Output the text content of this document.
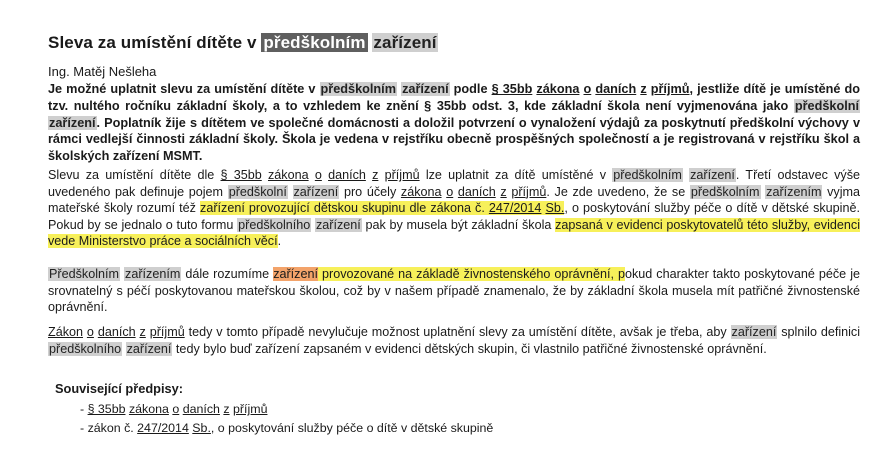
Sleva za umístění dítěte v předškolním zařízení

Ing. Matěj Nešleha

Je možné uplatnit slevu za umístění dítěte v předškolním zařízení podle § 35bb zákona o daních z příjmů, jestliže dítě je umístěné do tzv. nultého ročníku základní školy, a to vzhledem ke znění § 35bb odst. 3, kde základní škola není vyjmenována jako předškolní zařízení. Poplatník žije s dítětem ve společné domácnosti a doložil potvrzení o vynaložení výdajů za poskytnutí předškolní výchovy v rámci vedlejší činnosti základní školy. Škola je vedena v rejstříku obecně prospěšných společností a je registrovaná v rejstříku škol a školských zařízení MSMT.

Slevu za umístění dítěte dle § 35bb zákona o daních z příjmů lze uplatnit za dítě umístěné v předškolním zařízení. Třetí odstavec výše uvedeného pak definuje pojem předškolní zařízení pro účely zákona o daních z příjmů. Je zde uvedeno, že se předškolním zařízením vyjma mateřské školy rozumí též zařízení provozující dětskou skupinu dle zákona č. 247/2014 Sb., o poskytování služby péče o dítě v dětské skupině. Pokud by se jednalo o tuto formu předškolního zařízení pak by musela být základní škola zapsaná v evidenci poskytovatelů této služby, evidenci vede Ministerstvo práce a sociálních věcí.

Předškolním zařízením dále rozumíme zařízení provozované na základě živnostenského oprávnění, pokud charakter takto poskytované péče je srovnatelný s péčí poskytovanou mateřskou školou, což by v našem případě znamenalo, že by základní škola musela mít patřičné živnostenské oprávnění.

Zákon o daních z příjmů tedy v tomto případě nevylučuje možnost uplatnění slevy za umístění dítěte, avšak je třeba, aby zařízení splnilo definici předškolního zařízení tedy bylo buď zařízení zapsaném v evidenci dětských skupin, či vlastnilo patřičné živnostenské oprávnění.

Související předpisy:

- § 35bb zákona o daních z příjmů
- zákon č. 247/2014 Sb., o poskytování služby péče o dítě v dětské skupině
